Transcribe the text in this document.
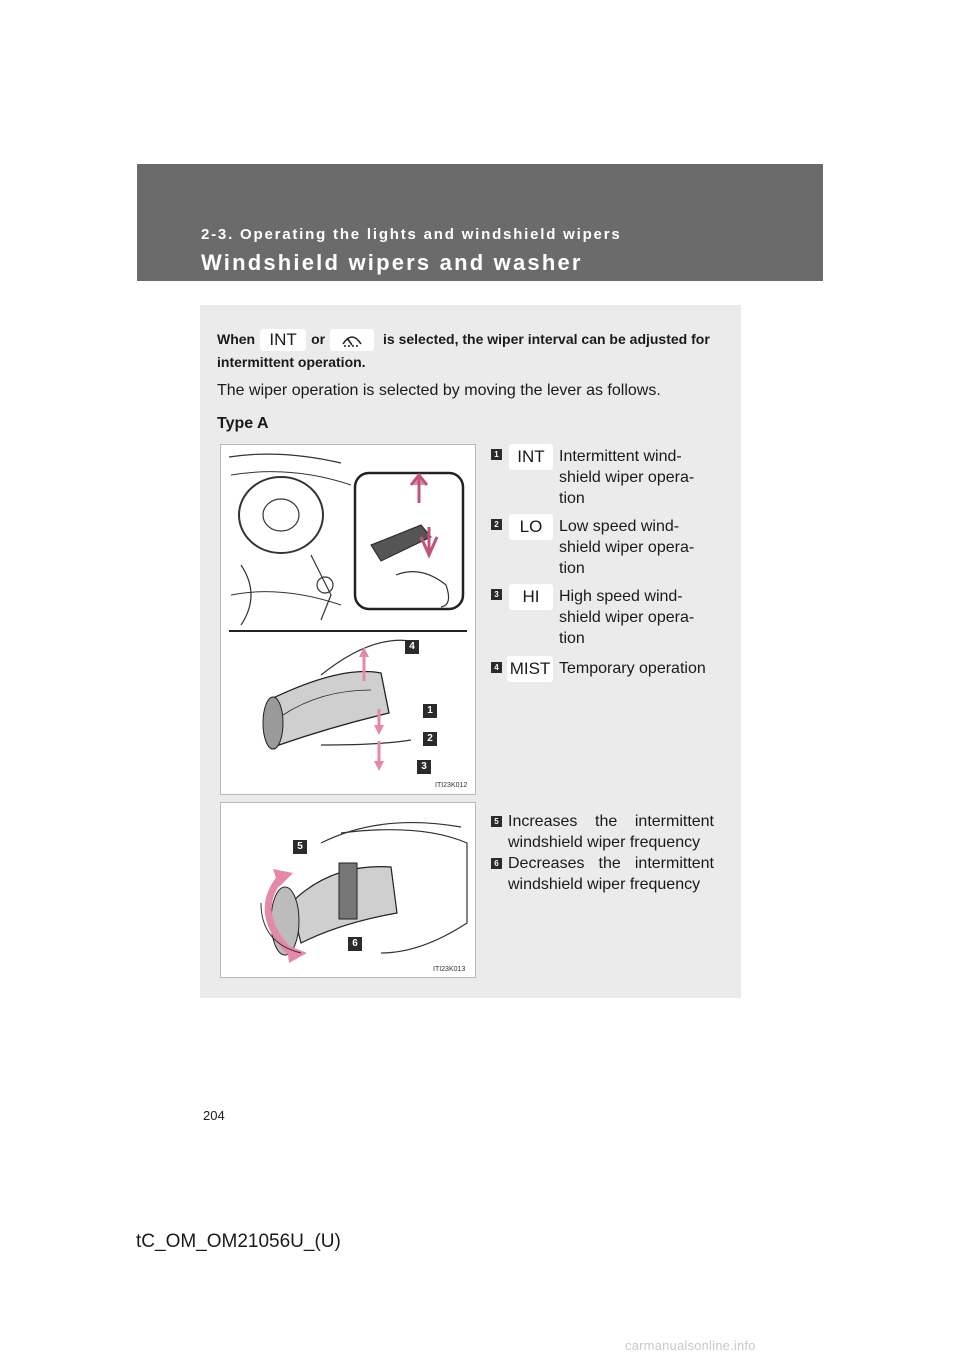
2-3. Operating the lights and windshield wipers
Windshield wipers and washer
When INT or	is selected, the wiper interval can be adjusted for intermittent operation.
The wiper operation is selected by moving the lever as follows.
Type A
4
1
2
3
ITI23K012
1	INT Intermittent wind-
shield wiper opera-
tion
2	LO	Low speed wind-
shield wiper opera-
tion
3	HI	High speed wind-
shield wiper opera-
tion
4 MIST Temporary operation
5
6
ITI23K013
5 Increases the intermittent
windshield wiper frequency
6 Decreases the intermittent
windshield wiper frequency
204
tC_OM_OM21056U_(U)
carmanualsonline.info
